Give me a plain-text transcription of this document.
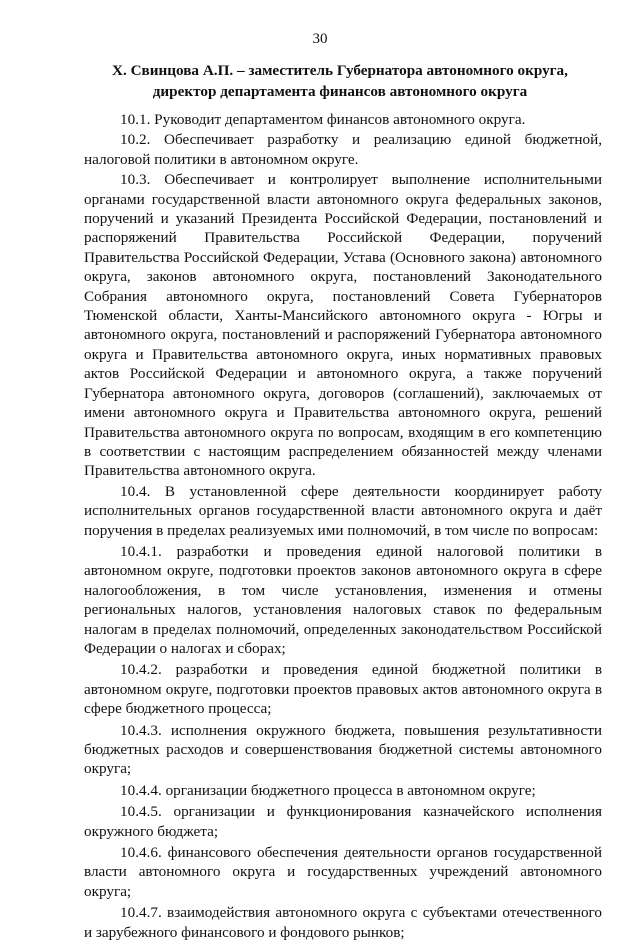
30
Х. Свинцова А.П. – заместитель Губернатора автономного округа,
директор департамента финансов автономного округа

10.1. Руководит департаментом финансов автономного округа.

10.2. Обеспечивает разработку и реализацию единой бюджетной, налоговой политики в автономном округе.

10.3. Обеспечивает и контролирует выполнение исполнительными органами государственной власти автономного округа федеральных законов, поручений и указаний Президента Российской Федерации, постановлений и распоряжений Правительства Российской Федерации, поручений Правительства Российской Федерации, Устава (Основного закона) автономного округа, законов автономного округа, постановлений Законодательного Собрания автономного округа, постановлений Совета Губернаторов Тюменской области, Ханты-Мансийского автономного округа - Югры и автономного округа, постановлений и распоряжений Губернатора автономного округа и Правительства автономного округа, иных нормативных правовых актов Российской Федерации и автономного округа, а также поручений Губернатора автономного округа, договоров (соглашений), заключаемых от имени автономного округа и Правительства автономного округа, решений Правительства автономного округа по вопросам, входящим в его компетенцию в соответствии с настоящим распределением обязанностей между членами Правительства автономного округа.

10.4. В установленной сфере деятельности координирует работу исполнительных органов государственной власти автономного округа и даёт поручения в пределах реализуемых ими полномочий, в том числе по вопросам:

10.4.1. разработки и проведения единой налоговой политики в автономном округе, подготовки проектов законов автономного округа в сфере налогообложения, в том числе установления, изменения и отмены региональных налогов, установления налоговых ставок по федеральным налогам в пределах полномочий, определенных законодательством Российской Федерации о налогах и сборах;

10.4.2. разработки и проведения единой бюджетной политики в автономном округе, подготовки проектов правовых актов автономного округа в сфере бюджетного процесса;

10.4.3. исполнения окружного бюджета, повышения результативности бюджетных расходов и совершенствования бюджетной системы автономного округа;

10.4.4. организации бюджетного процесса в автономном округе;

10.4.5. организации и функционирования казначейского исполнения окружного бюджета;

10.4.6. финансового обеспечения деятельности органов государственной власти автономного округа и государственных учреждений автономного округа;

10.4.7. взаимодействия автономного округа с субъектами отечественного и зарубежного финансового и фондового рынков;
